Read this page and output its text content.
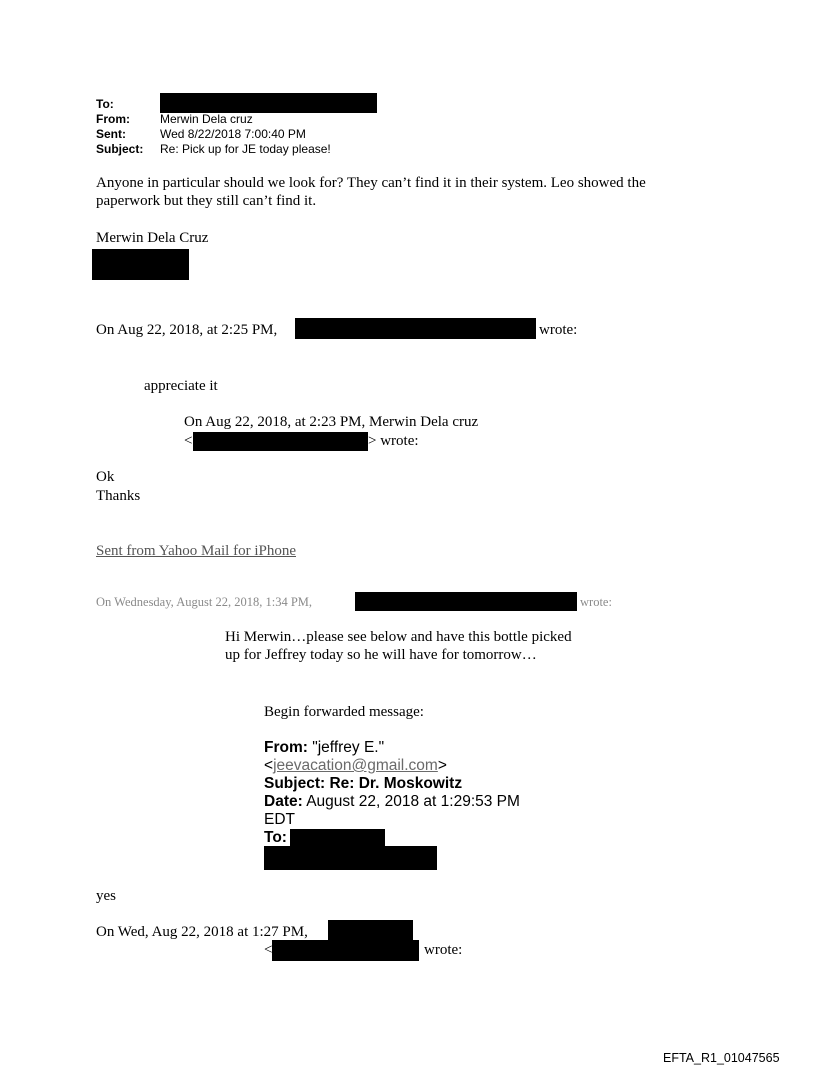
To:
From:	Merwin Dela cruz
Sent:	Wed 8/22/2018 7:00:40 PM
Subject: Re: Pick up for JE today please!
Anyone in particular should we look for? They can’t find it in their system. Leo showed the
paperwork but they still can’t find it.
Merwin Dela Cruz
On Aug 22, 2018, at 2:25 PM,	wrote:
appreciate it
On Aug 22, 2018, at 2:23 PM, Merwin Dela cruz
<	> wrote:
Ok
Thanks
Sent from Yahoo Mail for iPhone
On Wednesday, August 22, 2018, 1:34 PM,	wrote:
Hi Merwin…please see below and have this bottle picked
up for Jeffrey today so he will have for tomorrow…
Begin forwarded message:
From: "jeffrey E."
<jeevacation@gmail.com>
Subject: Re: Dr. Moskowitz
Date: August 22, 2018 at 1:29:53 PM
EDT
To:
yes
On Wed, Aug 22, 2018 at 1:27 PM,
<	wrote:
EFTA_R1_01047565
